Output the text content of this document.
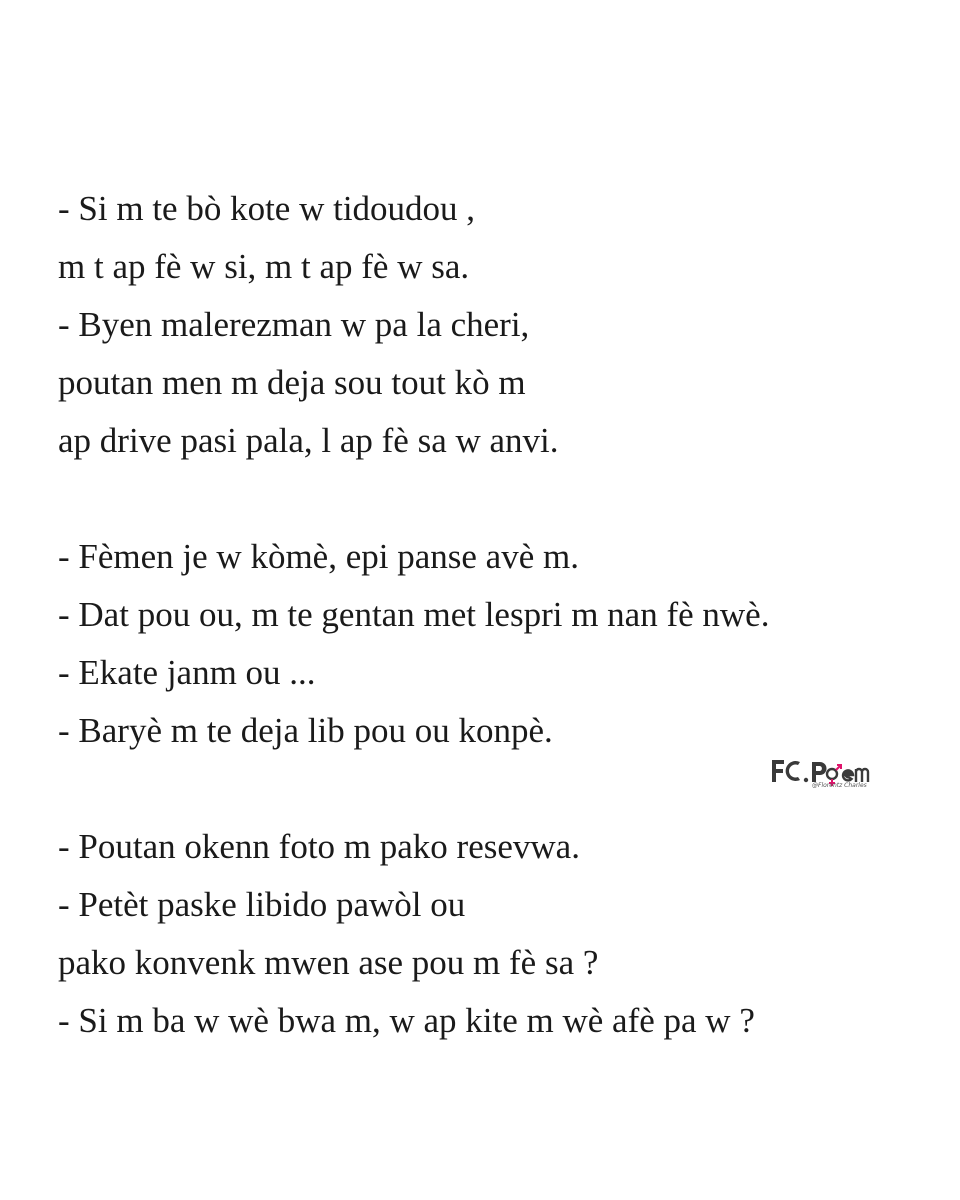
- Si m te bò kote w tidoudou ,
m t ap fè w si, m t ap fè w sa.
- Byen malerezman w pa la cheri,
poutan men m deja sou tout kò m
ap drive pasi pala, l ap fè sa w anvi.
- Fèmen je w kòmè, epi panse avè m.
- Dat pou ou, m te gentan met lespri m nan fè nwè.
- Ekate janm ou ...
- Baryè m te deja lib pou ou konpè.
- Poutan okenn foto m pako resevwa.
- Petèt paske libido pawòl ou
pako konvenk mwen ase pou m fè sa ?
- Si m ba w wè bwa m, w ap kite m wè afè pa w ?
@Florentz Charles
